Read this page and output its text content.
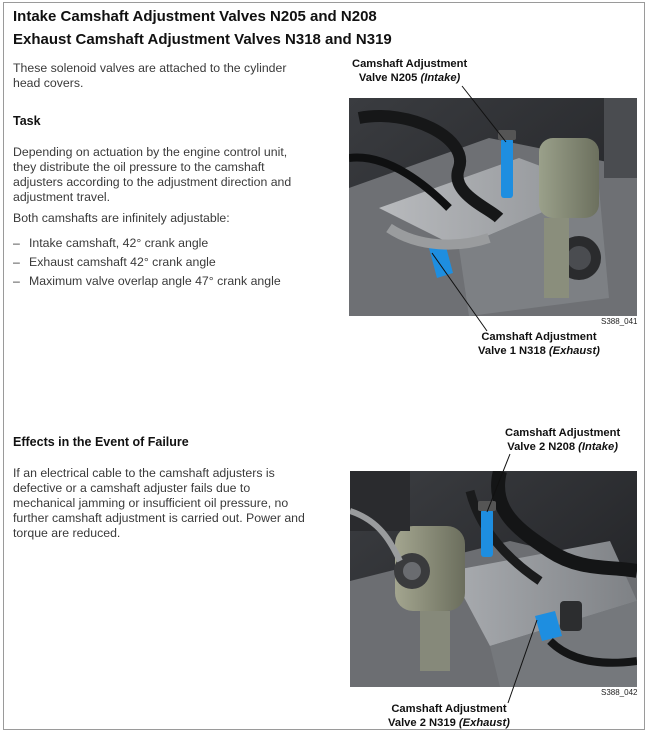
Intake Camshaft Adjustment Valves N205 and N208
Exhaust Camshaft Adjustment Valves N318 and N319
These solenoid valves are attached to the cylinder head covers.
Task
Depending on actuation by the engine control unit, they distribute the oil pressure to the camshaft adjusters according to the adjustment direction and adjustment travel.
Both camshafts are infinitely adjustable:
– Intake camshaft, 42° crank angle
– Exhaust camshaft 42° crank angle
– Maximum valve overlap angle 47° crank angle
Effects in the Event of Failure
If an electrical cable to the camshaft adjusters is defective or a camshaft adjuster fails due to mechanical jamming or insufficient oil pressure, no further camshaft adjustment is carried out. Power and torque are reduced.
Camshaft Adjustment
Valve N205 (Intake)
S388_041
Camshaft Adjustment
Valve 1 N318 (Exhaust)
Camshaft Adjustment
Valve 2 N208 (Intake)
S388_042
Camshaft Adjustment
Valve 2 N319 (Exhaust)
